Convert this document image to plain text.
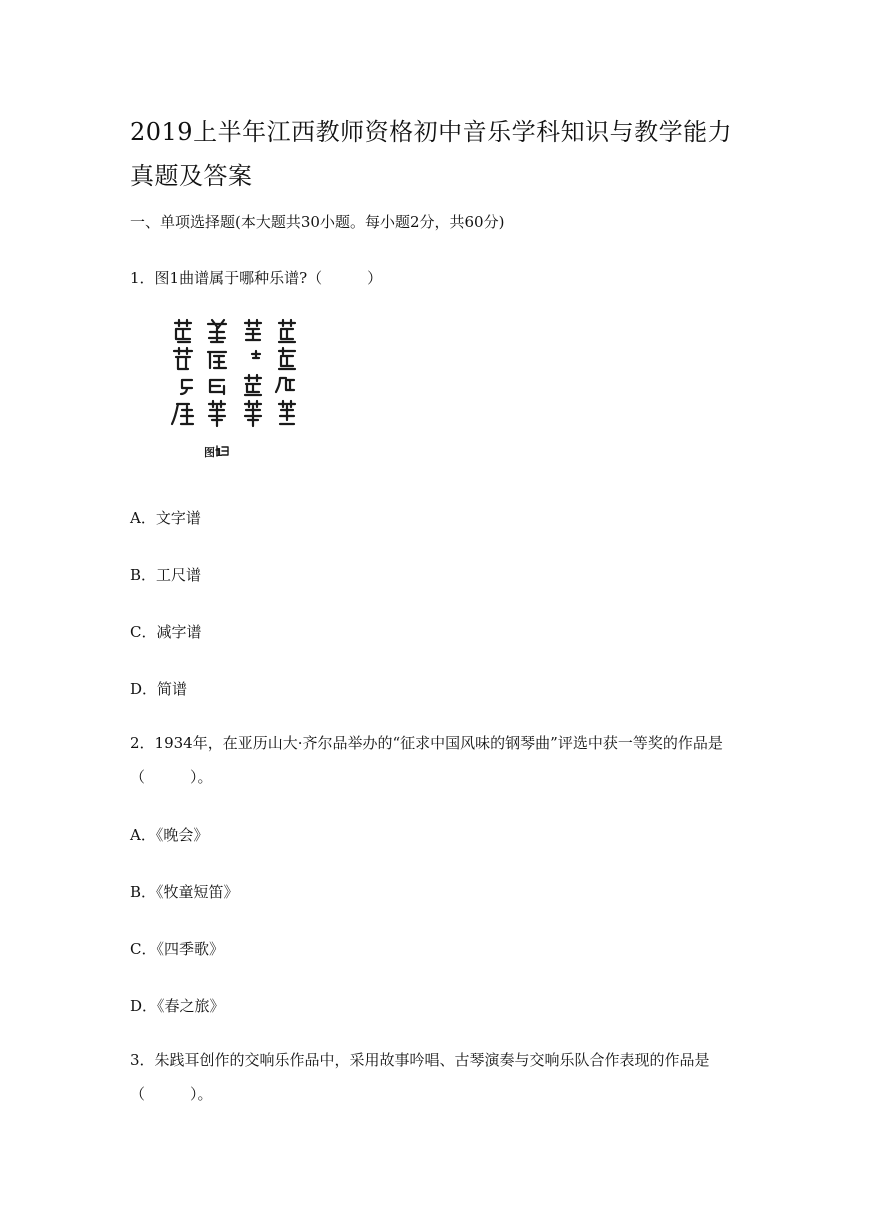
2019上半年江西教师资格初中音乐学科知识与教学能力真题及答案
一、单项选择题(本大题共30小题。每小题2分，共60分)
1．图1曲谱属于哪种乐谱?（　　　）
图1
A．文字谱
B．工尺谱
C．减字谱
D．简谱

2．1934年，在亚历山大·齐尔品举办的“征求中国风味的钢琴曲”评选中获一等奖的作品是（　　　）。

A．《晚会》
B．《牧童短笛》
C．《四季歌》
D．《春之旅》

3．朱践耳创作的交响乐作品中，采用故事吟唱、古琴演奏与交响乐队合作表现的作品是（　　　）。
